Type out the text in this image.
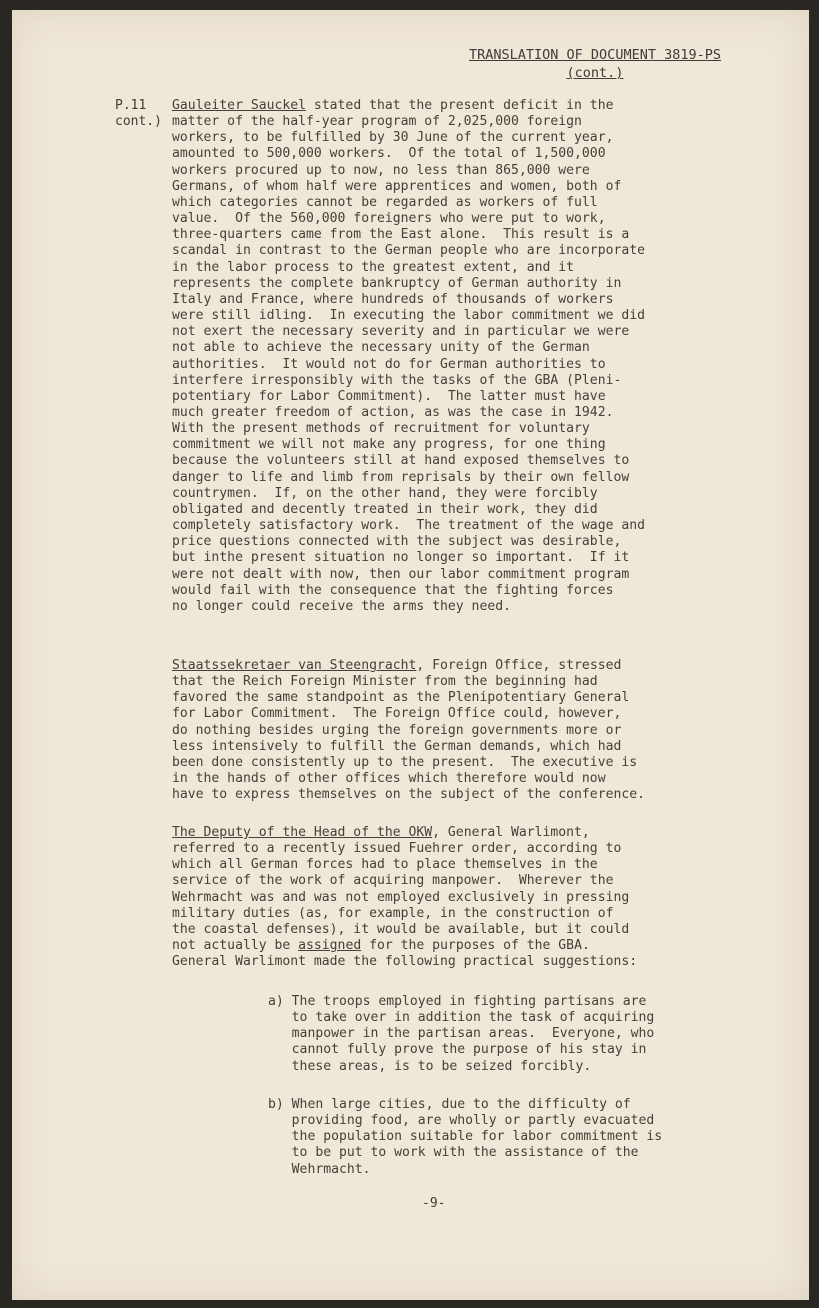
TRANSLATION OF DOCUMENT 3819-PS
(cont.)
P.11
cont.)
Gauleiter Sauckel stated that the present deficit in the
matter of the half-year program of 2,025,000 foreign
workers, to be fulfilled by 30 June of the current year,
amounted to 500,000 workers.  Of the total of 1,500,000
workers procured up to now, no less than 865,000 were
Germans, of whom half were apprentices and women, both of
which categories cannot be regarded as workers of full
value.  Of the 560,000 foreigners who were put to work,
three-quarters came from the East alone.  This result is a
scandal in contrast to the German people who are incorporate
in the labor process to the greatest extent, and it
represents the complete bankruptcy of German authority in
Italy and France, where hundreds of thousands of workers
were still idling.  In executing the labor commitment we did
not exert the necessary severity and in particular we were
not able to achieve the necessary unity of the German
authorities.  It would not do for German authorities to
interfere irresponsibly with the tasks of the GBA (Pleni-
potentiary for Labor Commitment).  The latter must have
much greater freedom of action, as was the case in 1942.
With the present methods of recruitment for voluntary
commitment we will not make any progress, for one thing
because the volunteers still at hand exposed themselves to
danger to life and limb from reprisals by their own fellow
countrymen.  If, on the other hand, they were forcibly
obligated and decently treated in their work, they did
completely satisfactory work.  The treatment of the wage and
price questions connected with the subject was desirable,
but inthe present situation no longer so important.  If it
were not dealt with now, then our labor commitment program
would fail with the consequence that the fighting forces
no longer could receive the arms they need.
Staatssekretaer van Steengracht, Foreign Office, stressed
that the Reich Foreign Minister from the beginning had
favored the same standpoint as the Plenipotentiary General
for Labor Commitment.  The Foreign Office could, however,
do nothing besides urging the foreign governments more or
less intensively to fulfill the German demands, which had
been done consistently up to the present.  The executive is
in the hands of other offices which therefore would now
have to express themselves on the subject of the conference.
The Deputy of the Head of the OKW, General Warlimont,
referred to a recently issued Fuehrer order, according to
which all German forces had to place themselves in the
service of the work of acquiring manpower.  Wherever the
Wehrmacht was and was not employed exclusively in pressing
military duties (as, for example, in the construction of
the coastal defenses), it would be available, but it could
not actually be assigned for the purposes of the GBA.
General Warlimont made the following practical suggestions:
a) The troops employed in fighting partisans are
to take over in addition the task of acquiring
manpower in the partisan areas.  Everyone, who
cannot fully prove the purpose of his stay in
these areas, is to be seized forcibly.
b) When large cities, due to the difficulty of
providing food, are wholly or partly evacuated
the population suitable for labor commitment is
to be put to work with the assistance of the
Wehrmacht.
-9-
